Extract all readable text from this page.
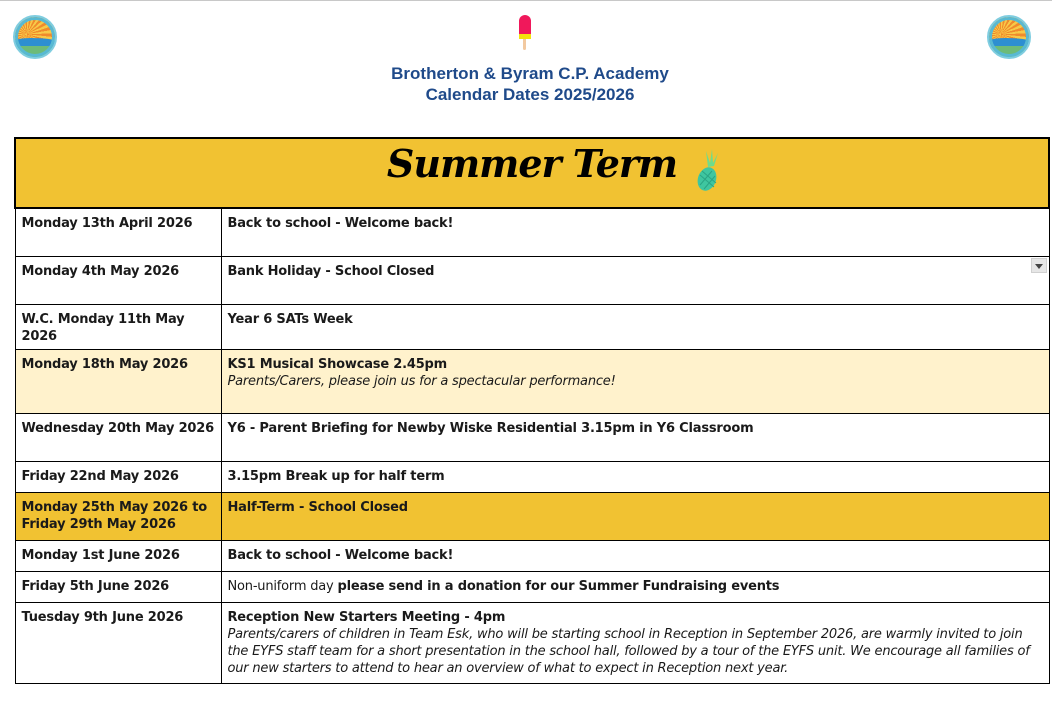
Brotherton & Byram C.P. Academy
Calendar Dates 2025/2026
Summer Term	

Monday 13th April 2026	Back to school - Welcome back!
Monday 4th May 2026	Bank Holiday - School Closed
W.C. Monday 11th May 2026	Year 6 SATs Week
Monday 18th May 2026	KS1 Musical Showcase 2.45pm
Parents/Carers, please join us for a spectacular performance!

Wednesday 20th May 2026	Y6 - Parent Briefing for Newby Wiske Residential 3.15pm in Y6 Classroom
Friday 22nd May 2026	3.15pm Break up for half term
Monday 25th May 2026 to
Friday 29th May 2026	Half-Term - School Closed
Monday 1st June 2026	Back to school - Welcome back!
Friday 5th June 2026	Non-uniform day please send in a donation for our Summer Fundraising events
Tuesday 9th June 2026	Reception New Starters Meeting - 4pm
Parents/carers of children in Team Esk, who will be starting school in Reception in September 2026, are warmly invited to join the EYFS staff team for a short presentation in the school hall, followed by a tour of the EYFS unit. We encourage all families of our new starters to attend to hear an overview of what to expect in Reception next year.
